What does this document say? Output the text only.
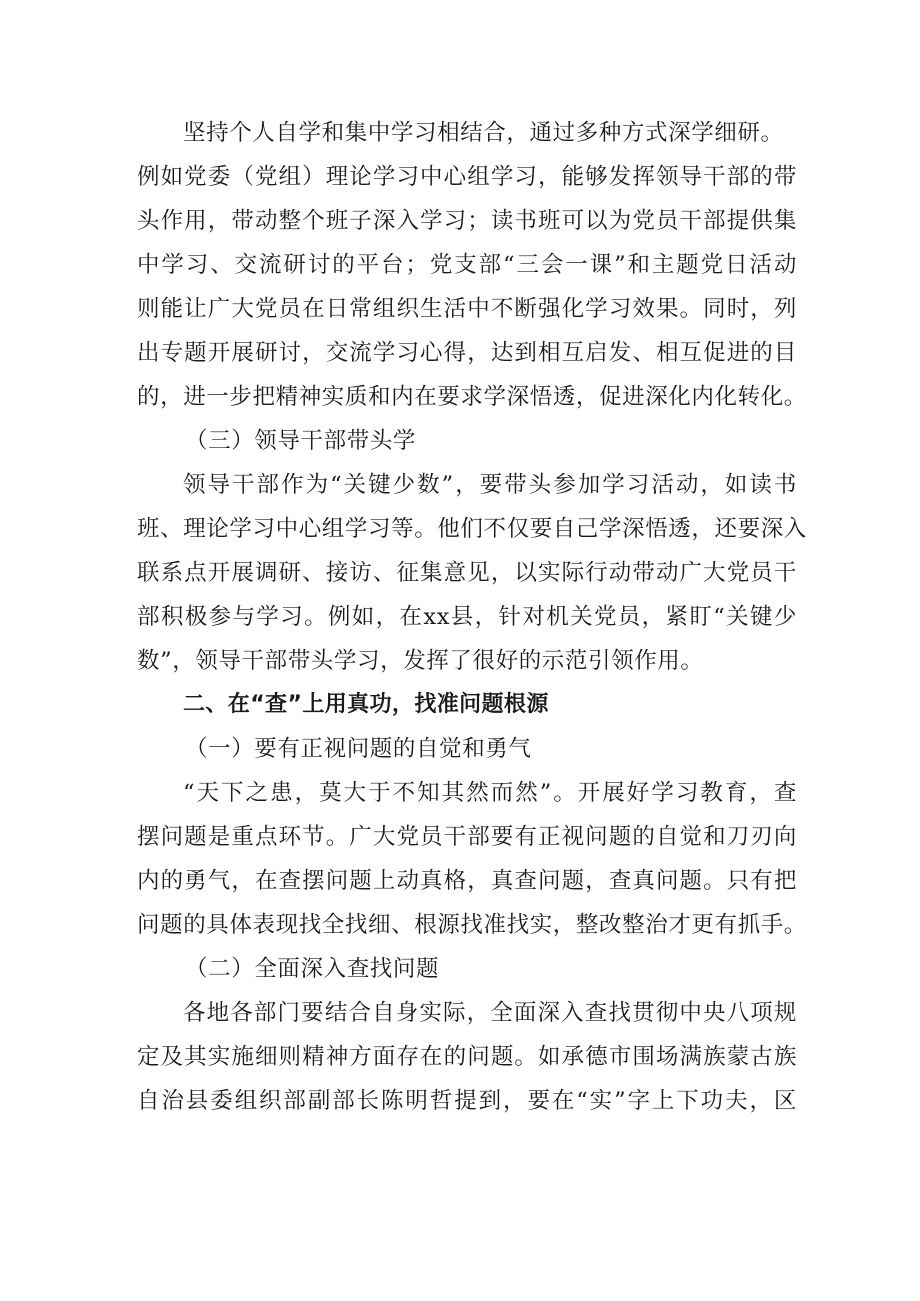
坚持个人自学和集中学习相结合，通过多种方式深学细研。
例如党委（党组）理论学习中心组学习，能够发挥领导干部的带
头作用，带动整个班子深入学习；读书班可以为党员干部提供集
中学习、交流研讨的平台；党支部“三会一课”和主题党日活动
则能让广大党员在日常组织生活中不断强化学习效果。同时，列
出专题开展研讨，交流学习心得，达到相互启发、相互促进的目
的，进一步把精神实质和内在要求学深悟透，促进深化内化转化。
（三）领导干部带头学
领导干部作为“关键少数”，要带头参加学习活动，如读书
班、理论学习中心组学习等。他们不仅要自己学深悟透，还要深入
联系点开展调研、接访、征集意见，以实际行动带动广大党员干
部积极参与学习。例如，在xx县，针对机关党员，紧盯“关键少
数”，领导干部带头学习，发挥了很好的示范引领作用。
二、在“查”上用真功，找准问题根源
（一）要有正视问题的自觉和勇气
“天下之患，莫大于不知其然而然”。开展好学习教育，查
摆问题是重点环节。广大党员干部要有正视问题的自觉和刀刃向
内的勇气，在查摆问题上动真格，真查问题，查真问题。只有把
问题的具体表现找全找细、根源找准找实，整改整治才更有抓手。
（二）全面深入查找问题
各地各部门要结合自身实际，全面深入查找贯彻中央八项规
定及其实施细则精神方面存在的问题。如承德市围场满族蒙古族
自治县委组织部副部长陈明哲提到，要在“实”字上下功夫，区
